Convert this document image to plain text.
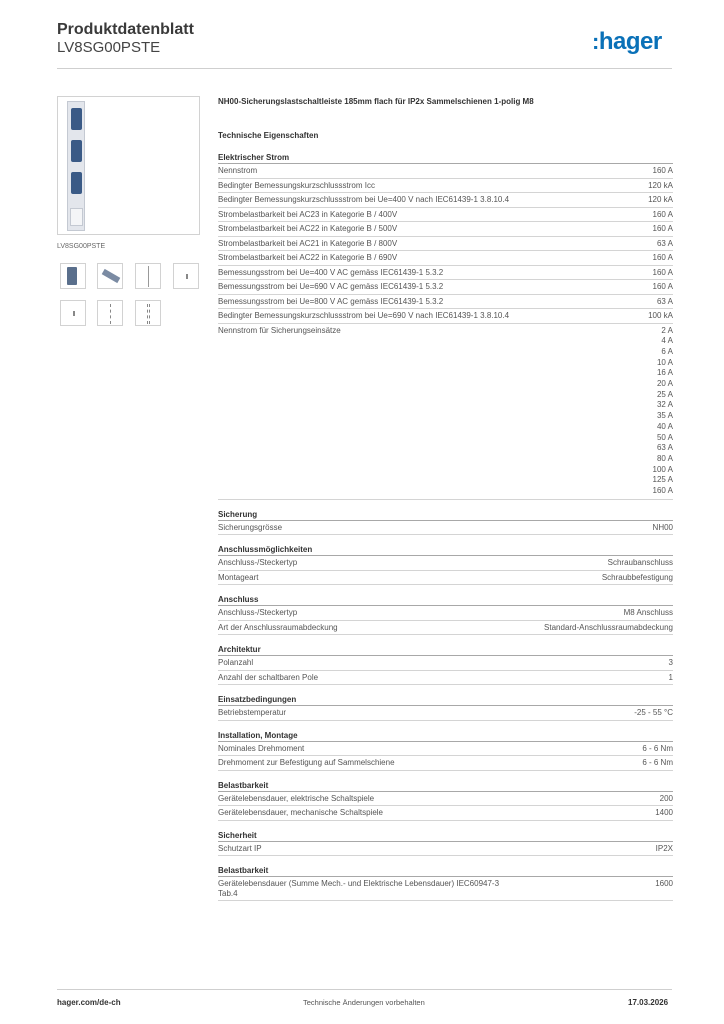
Produktdatenblatt
LV8SG00PSTE	:hager
LV8SG00PSTE
NH00-Sicherungslastschaltleiste 185mm flach für IP2x Sammelschienen 1-polig M8
Technische Eigenschaften
Elektrischer Strom
Nennstrom	160 A
Bedingter Bemessungskurzschlussstrom Icc	120 kA
Bedingter Bemessungskurzschlussstrom bei Ue=400 V nach IEC61439-1 3.8.10.4	120 kA
Strombelastbarkeit bei AC23 in Kategorie B / 400V	160 A
Strombelastbarkeit bei AC22 in Kategorie B / 500V	160 A
Strombelastbarkeit bei AC21 in Kategorie B / 800V	63 A
Strombelastbarkeit bei AC22 in Kategorie B / 690V	160 A
Bemessungsstrom bei Ue=400 V AC gemäss IEC61439-1 5.3.2	160 A
Bemessungsstrom bei Ue=690 V AC gemäss IEC61439-1 5.3.2	160 A
Bemessungsstrom bei Ue=800 V AC gemäss IEC61439-1 5.3.2	63 A
Bedingter Bemessungskurzschlussstrom bei Ue=690 V nach IEC61439-1 3.8.10.4	100 kA
Nennstrom für Sicherungseinsätze	2 A
4 A
6 A
10 A
16 A
20 A
25 A
32 A
35 A
40 A
50 A
63 A
80 A
100 A
125 A
160 A
Sicherung
Sicherungsgrösse	NH00
Anschlussmöglichkeiten
Anschluss-/Steckertyp	Schraubanschluss
Montageart	Schraubbefestigung
Anschluss
Anschluss-/Steckertyp	M8 Anschluss
Art der Anschlussraumabdeckung	Standard-Anschlussraumabdeckung
Architektur
Polanzahl	3
Anzahl der schaltbaren Pole	1
Einsatzbedingungen
Betriebstemperatur	-25 - 55 °C
Installation, Montage
Nominales Drehmoment	6 - 6 Nm
Drehmoment zur Befestigung auf Sammelschiene	6 - 6 Nm
Belastbarkeit
Gerätelebensdauer, elektrische Schaltspiele	200
Gerätelebensdauer, mechanische Schaltspiele	1400
Sicherheit
Schutzart IP	IP2X
Belastbarkeit
Gerätelebensdauer (Summe Mech.- und Elektrische Lebensdauer) IEC60947-3 Tab.4
1600
hager.com/de-ch	Technische Änderungen vorbehalten	17.03.2026
